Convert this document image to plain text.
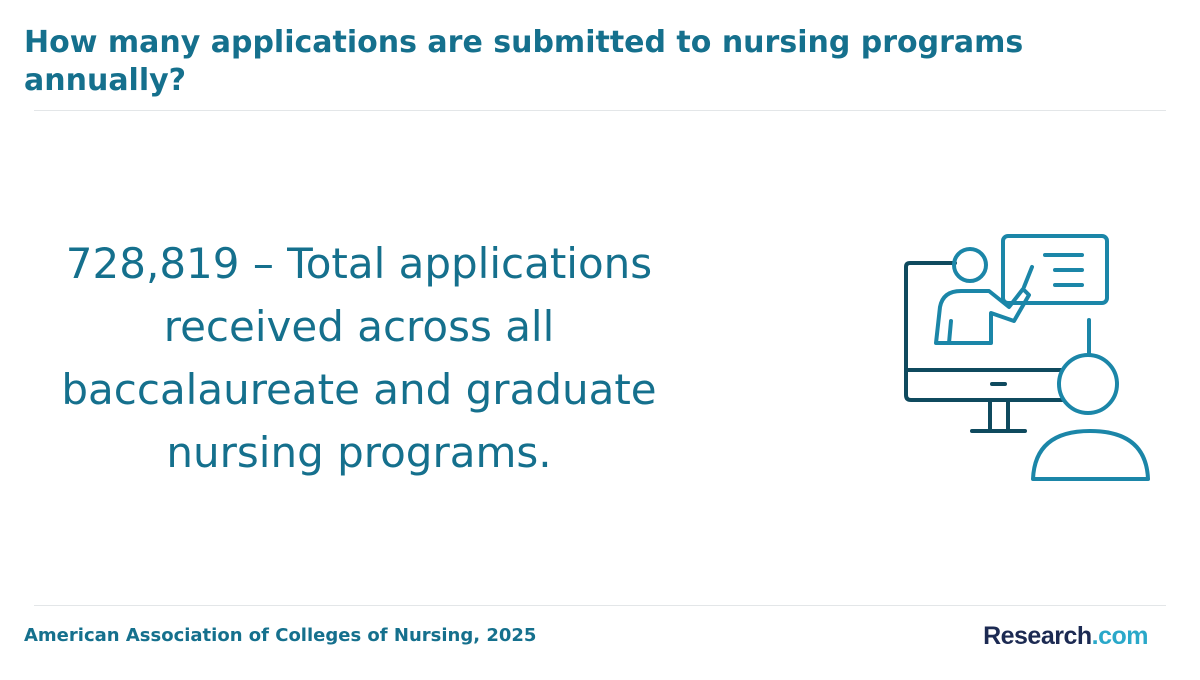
How many applications are submitted to nursing programs annually?

728,819 – Total applications received across all baccalaureate and graduate nursing programs.

American Association of Colleges of Nursing, 2025	Research.com
